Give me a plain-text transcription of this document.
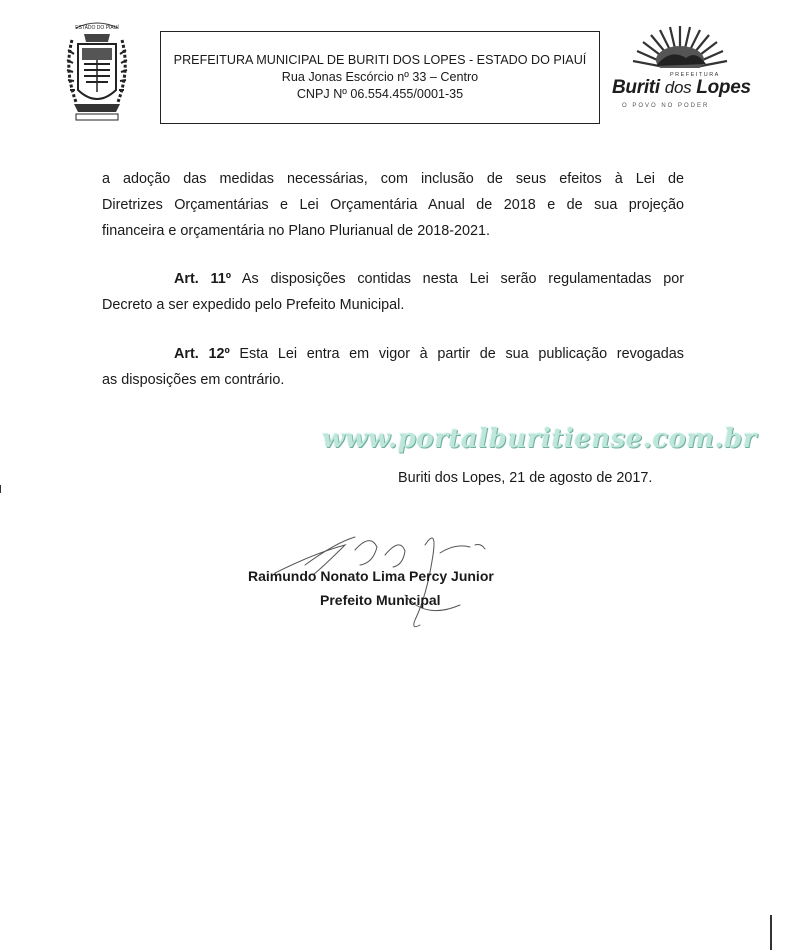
ESTADO DO PIAUÍ
PREFEITURA MUNICIPAL DE BURITI DOS LOPES - ESTADO DO PIAUÍ
Rua Jonas Escórcio nº 33 – Centro
CNPJ Nº 06.554.455/0001-35
PREFEITURA
Buriti dos Lopes
O POVO NO PODER
a adoção das medidas necessárias, com inclusão de seus efeitos à Lei de
Diretrizes Orçamentárias e Lei Orçamentária Anual de 2018 e de sua projeção
financeira e orçamentária no Plano Plurianual de 2018-2021.
Art. 11º As disposições contidas nesta Lei serão regulamentadas por
Decreto a ser expedido pelo Prefeito Municipal.
Art. 12º Esta Lei entra em vigor à partir de sua publicação revogadas
as disposições em contrário.
www.portalburitiense.com.br
Buriti dos Lopes, 21 de agosto de 2017.
Raimundo Nonato Lima Percy Junior
Prefeito Municipal
